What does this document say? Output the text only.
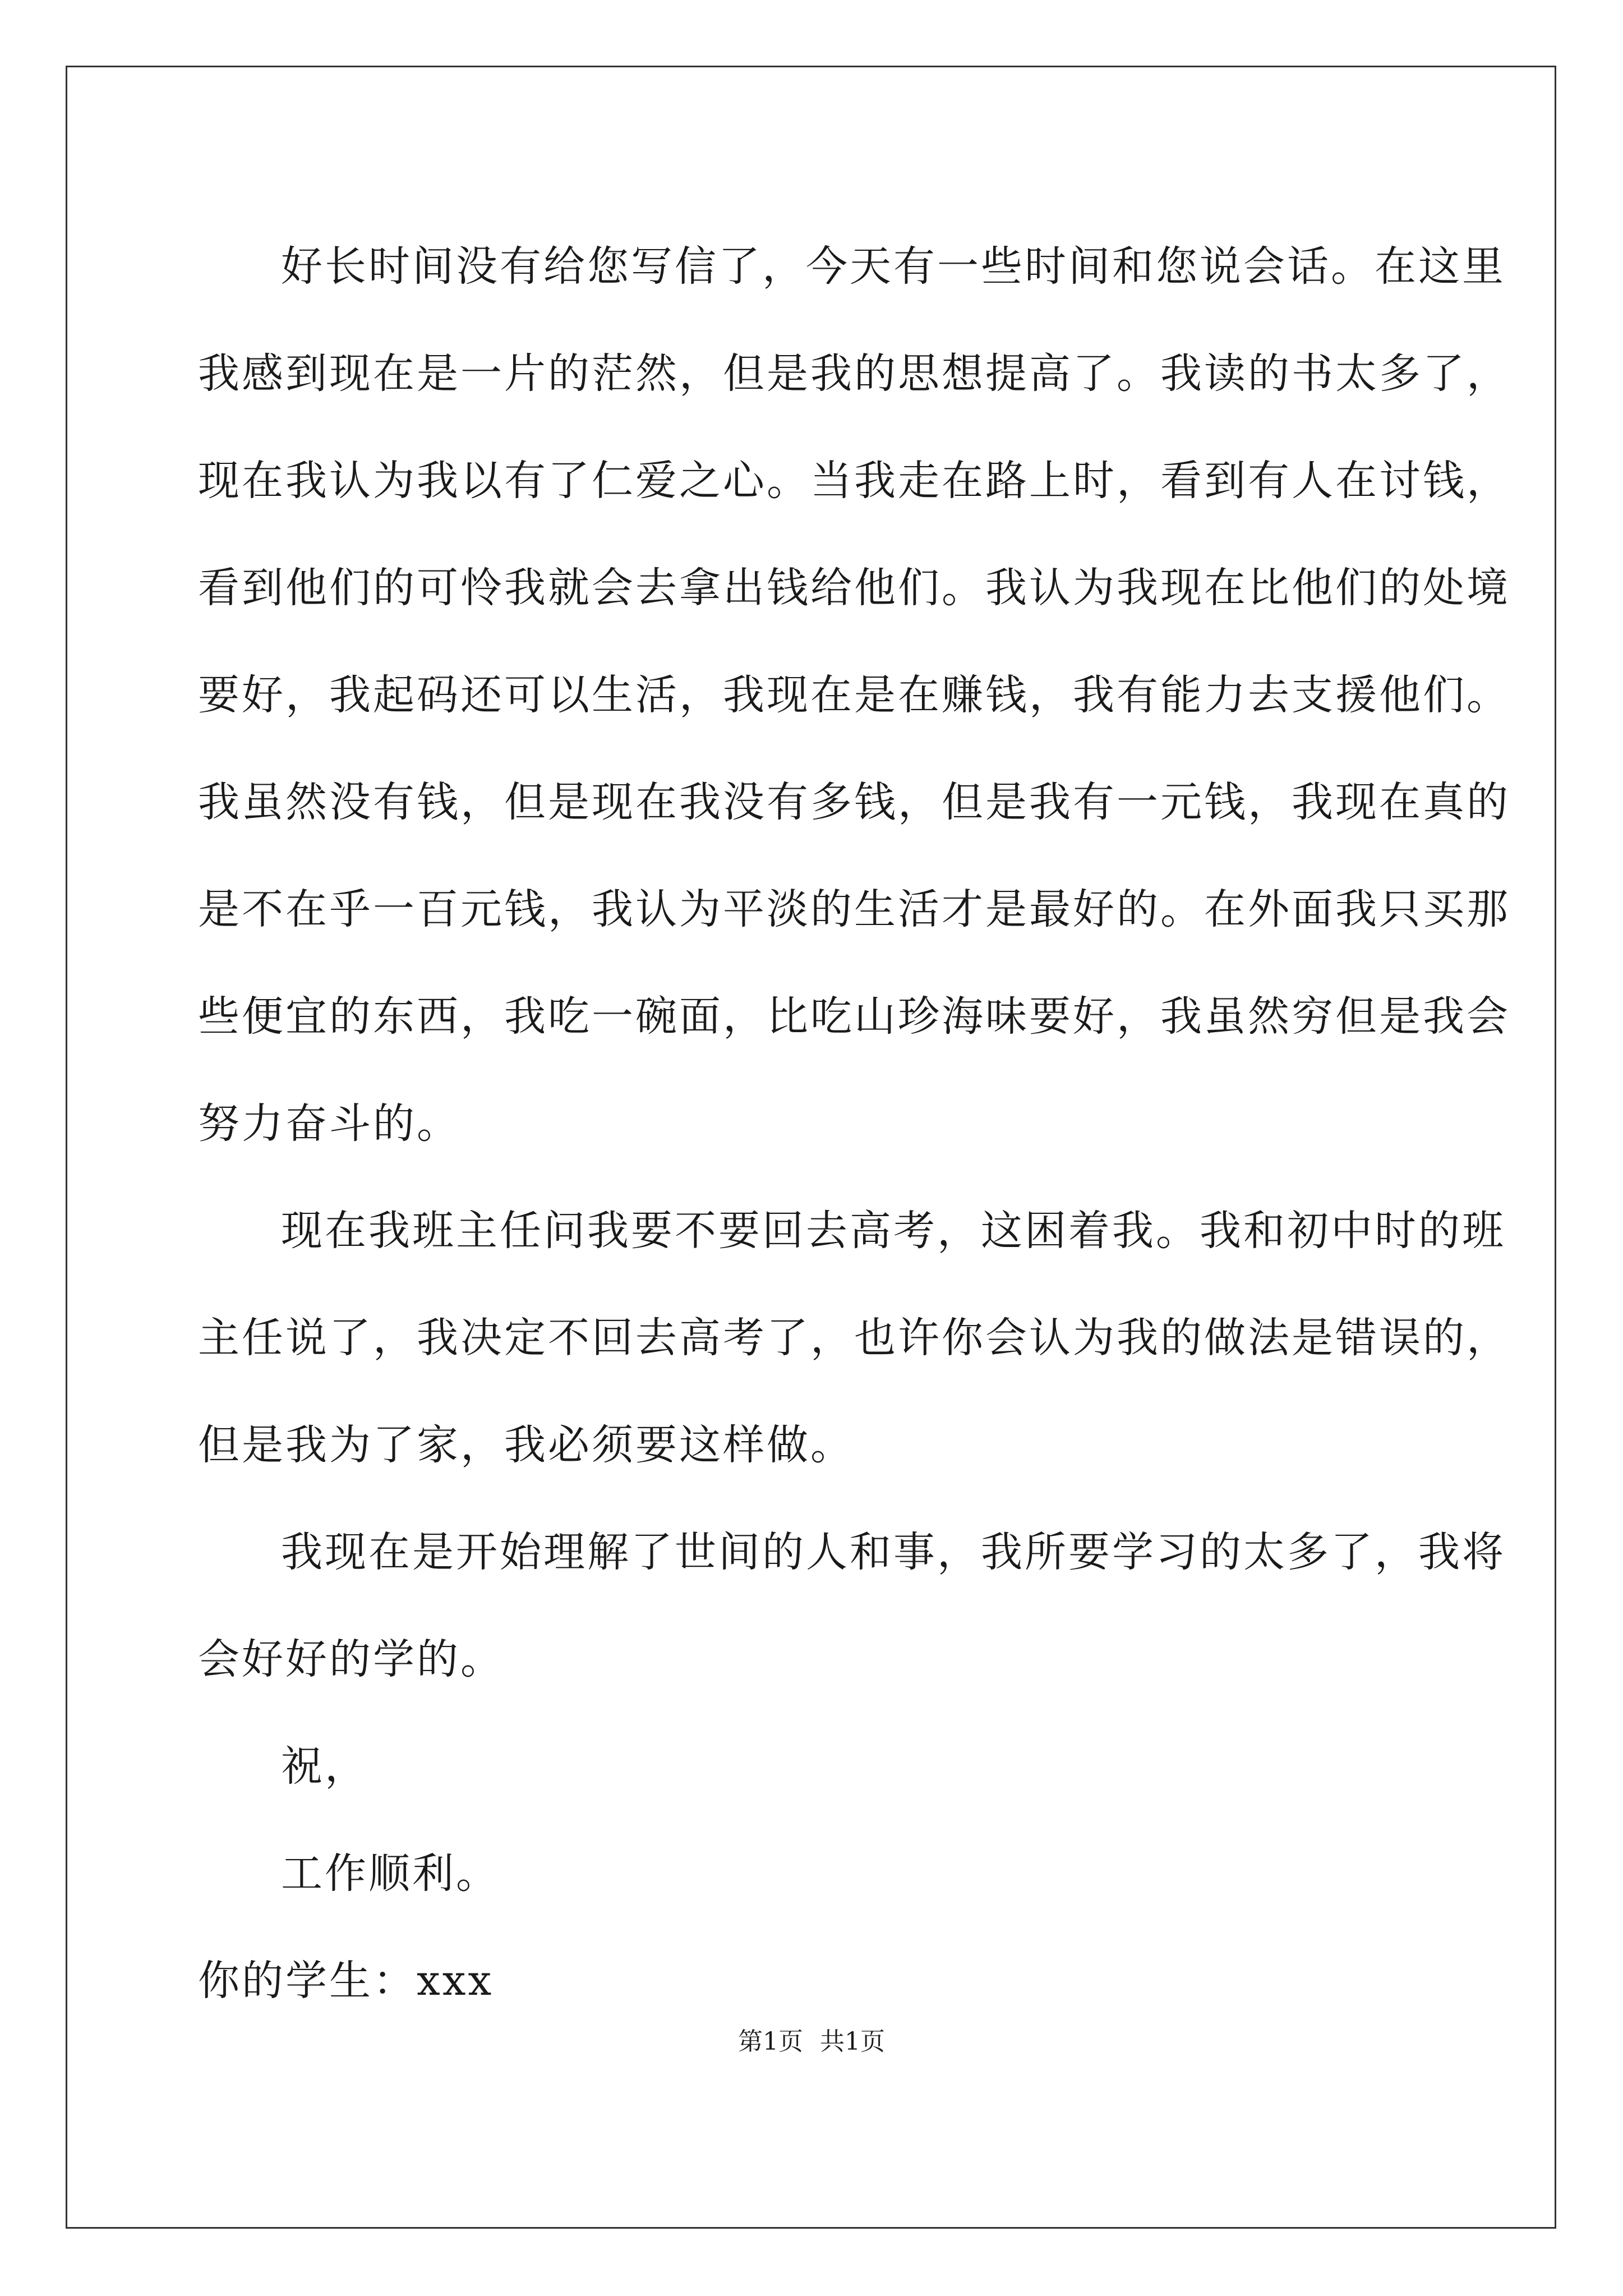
好长时间没有给您写信了，今天有一些时间和您说会话。在这里
我感到现在是一片的茫然，但是我的思想提高了。我读的书太多了，
现在我认为我以有了仁爱之心。当我走在路上时，看到有人在讨钱，
看到他们的可怜我就会去拿出钱给他们。我认为我现在比他们的处境
要好，我起码还可以生活，我现在是在赚钱，我有能力去支援他们。
我虽然没有钱，但是现在我没有多钱，但是我有一元钱，我现在真的
是不在乎一百元钱，我认为平淡的生活才是最好的。在外面我只买那
些便宜的东西，我吃一碗面，比吃山珍海味要好，我虽然穷但是我会
努力奋斗的。

现在我班主任问我要不要回去高考，这困着我。我和初中时的班
主任说了，我决定不回去高考了，也许你会认为我的做法是错误的，
但是我为了家，我必须要这样做。

我现在是开始理解了世间的人和事，我所要学习的太多了，我将
会好好的学的。

祝，

工作顺利。

你的学生：xxx

第1页 共1页
